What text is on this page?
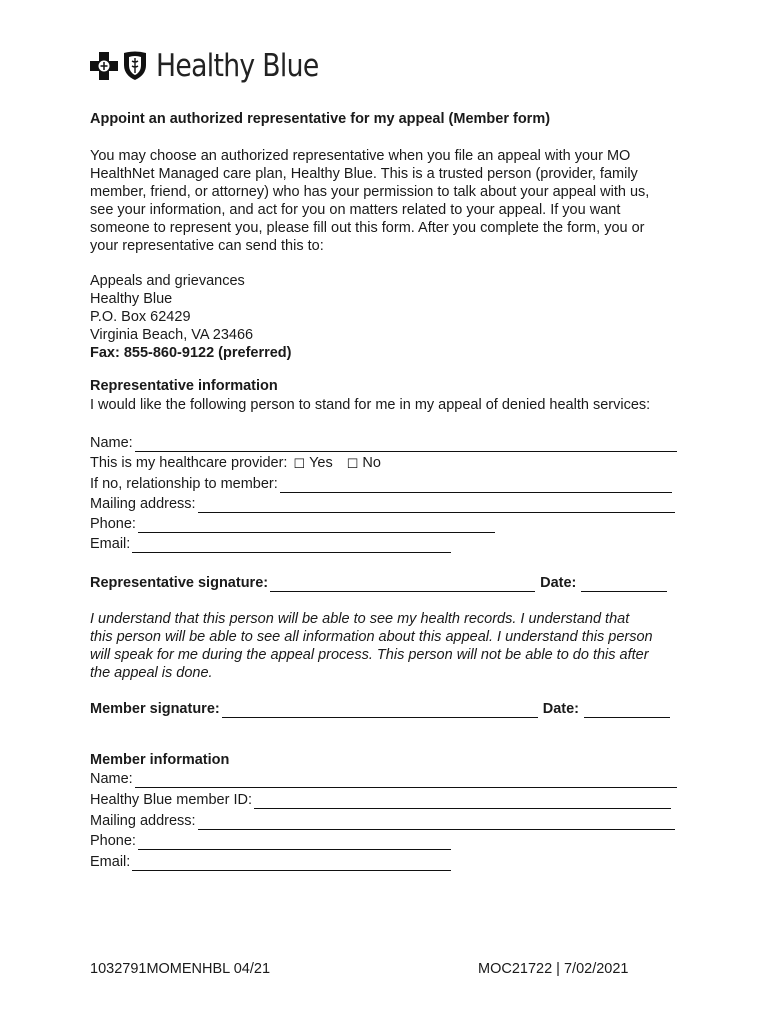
Healthy Blue
Appoint an authorized representative for my appeal (Member form)
You may choose an authorized representative when you file an appeal with your MO
HealthNet Managed care plan, Healthy Blue. This is a trusted person (provider, family
member, friend, or attorney) who has your permission to talk about your appeal with us,
see your information, and act for you on matters related to your appeal. If you want
someone to represent you, please fill out this form. After you complete the form, you or
your representative can send this to:
Appeals and grievances
Healthy Blue
P.O. Box 62429
Virginia Beach, VA 23466
Fax: 855-860-9122 (preferred)
Representative information
I would like the following person to stand for me in my appeal of denied health services:
Name:
This is my healthcare provider: ☐ Yes ☐ No
If no, relationship to member:
Mailing address:
Phone:
Email:
Representative signature:	Date:
I understand that this person will be able to see my health records. I understand that
this person will be able to see all information about this appeal. I understand this person
will speak for me during the appeal process. This person will not be able to do this after
the appeal is done.
Member signature:	Date:
Member information
Name:
Healthy Blue member ID:
Mailing address:
Phone:
Email:
1032791MOMENHBL 04/21	MOC21722 | 7/02/2021
